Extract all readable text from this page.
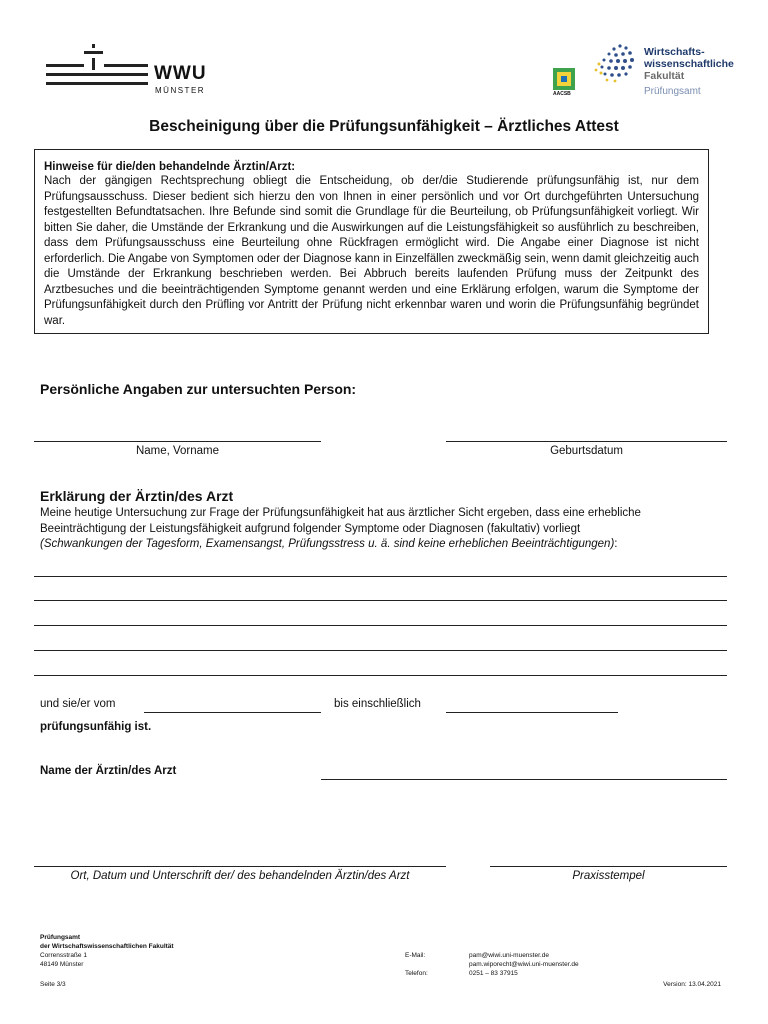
WWU
MÜNSTER	AACSB
Wirtschafts-
wissenschaftliche
Fakultät
Prüfungsamt
Bescheinigung über die Prüfungsunfähigkeit – Ärztliches Attest
Hinweise für die/den behandelnde Ärztin/Arzt:
Nach der gängigen Rechtsprechung obliegt die Entscheidung, ob der/die Studierende prüfungsunfähig ist, nur dem Prüfungsausschuss. Dieser bedient sich hierzu den von Ihnen in einer persönlich und vor Ort durchgeführten Untersuchung festgestellten Befundtatsachen. Ihre Befunde sind somit die Grundlage für die Beurteilung, ob Prüfungsunfähigkeit vorliegt. Wir bitten Sie daher, die Umstände der Erkrankung und die Auswirkungen auf die Leistungsfähigkeit so ausführlich zu beschreiben, dass dem Prüfungsausschuss eine Beurteilung ohne Rückfragen ermöglicht wird. Die Angabe einer Diagnose ist nicht erforderlich. Die Angabe von Symptomen oder der Diagnose kann in Einzelfällen zweckmäßig sein, wenn damit gleichzeitig auch die Umstände der Erkrankung beschrieben werden. Bei Abbruch bereits laufenden Prüfung muss der Zeitpunkt des Arztbesuches und die beeinträchtigenden Symptome genannt werden und eine Erklärung erfolgen, warum die Symptome der Prüfungsunfähigkeit durch den Prüfling vor Antritt der Prüfung nicht erkennbar waren und worin die Prüfungsunfähig begründet war.
Persönliche Angaben zur untersuchten Person:
Name, Vorname	Geburtsdatum
Erklärung der Ärztin/des Arzt
Meine heutige Untersuchung zur Frage der Prüfungsunfähigkeit hat aus ärztlicher Sicht ergeben, dass eine erhebliche
Beeinträchtigung der Leistungsfähigkeit aufgrund folgender Symptome oder Diagnosen (fakultativ) vorliegt
(Schwankungen der Tagesform, Examensangst, Prüfungsstress u. ä. sind keine erheblichen Beeinträchtigungen):
und sie/er vom	bis einschließlich
prüfungsunfähig ist.
Name der Ärztin/des Arzt
Ort, Datum und Unterschrift der/ des behandelnden Ärztin/des Arzt	Praxisstempel
Prüfungsamt
der Wirtschaftswissenschaftlichen Fakultät
Corrensstraße 1
48149 Münster
E-Mail:	pam@wiwi.uni-muenster.de
pam.wiporecht@wiwi.uni-muenster.de
Telefon:	0251 – 83 37915
Seite 3/3	Version: 13.04.2021
